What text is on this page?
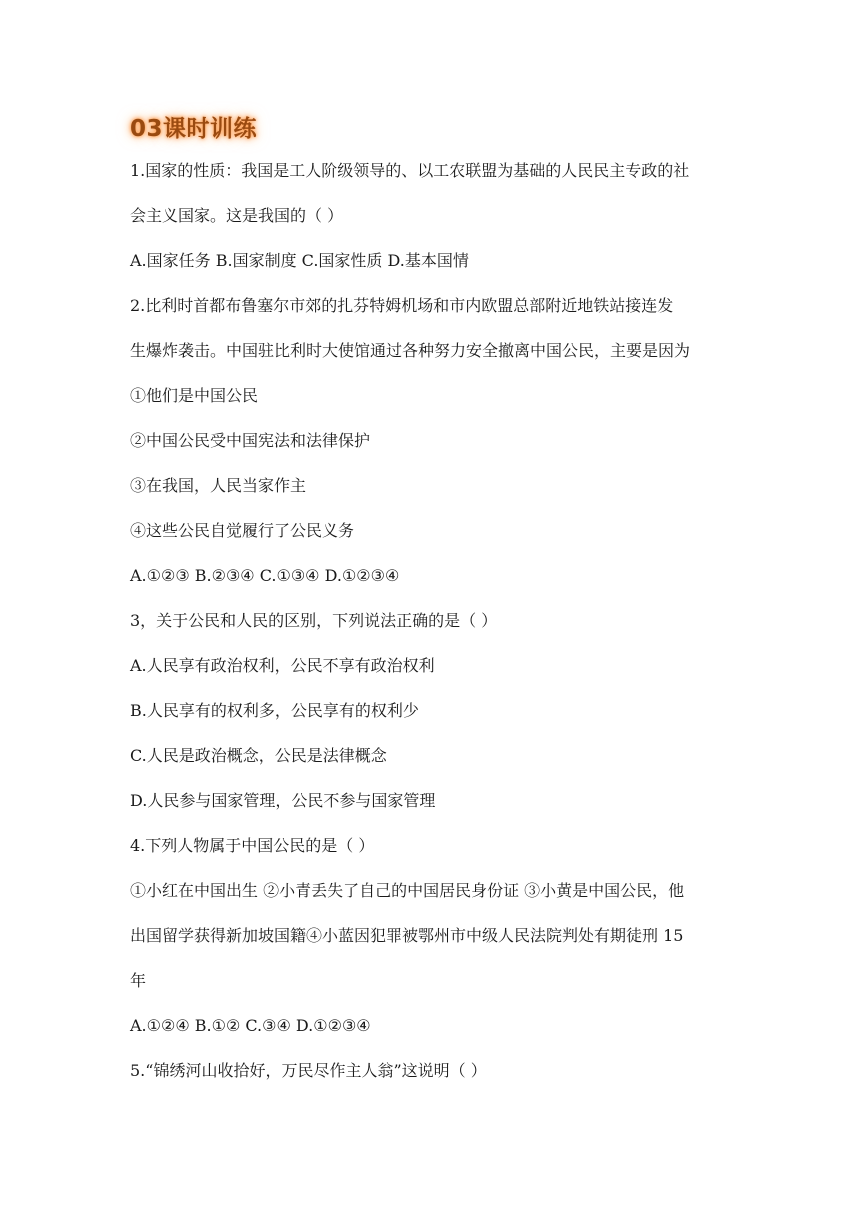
03课时训练
1.国家的性质：我国是工人阶级领导的、以工农联盟为基础的人民民主专政的社
会主义国家。这是我国的（ ）
A.国家任务 B.国家制度 C.国家性质 D.基本国情
2.比利时首都布鲁塞尔市郊的扎芬特姆机场和市内欧盟总部附近地铁站接连发
生爆炸袭击。中国驻比利时大使馆通过各种努力安全撤离中国公民，主要是因为
①他们是中国公民
②中国公民受中国宪法和法律保护
③在我国，人民当家作主
④这些公民自觉履行了公民义务
A.①②③ B.②③④ C.①③④ D.①②③④
3，关于公民和人民的区别，下列说法正确的是（ ）
A.人民享有政治权利，公民不享有政治权利
B.人民享有的权利多，公民享有的权利少
C.人民是政治概念，公民是法律概念
D.人民参与国家管理，公民不参与国家管理
4.下列人物属于中国公民的是（ ）
①小红在中国出生 ②小青丢失了自己的中国居民身份证 ③小黄是中国公民，他
出国留学获得新加坡国籍④小蓝因犯罪被鄂州市中级人民法院判处有期徒刑 15
年
A.①②④ B.①② C.③④ D.①②③④
5.“锦绣河山收拾好，万民尽作主人翁”这说明（ ）
